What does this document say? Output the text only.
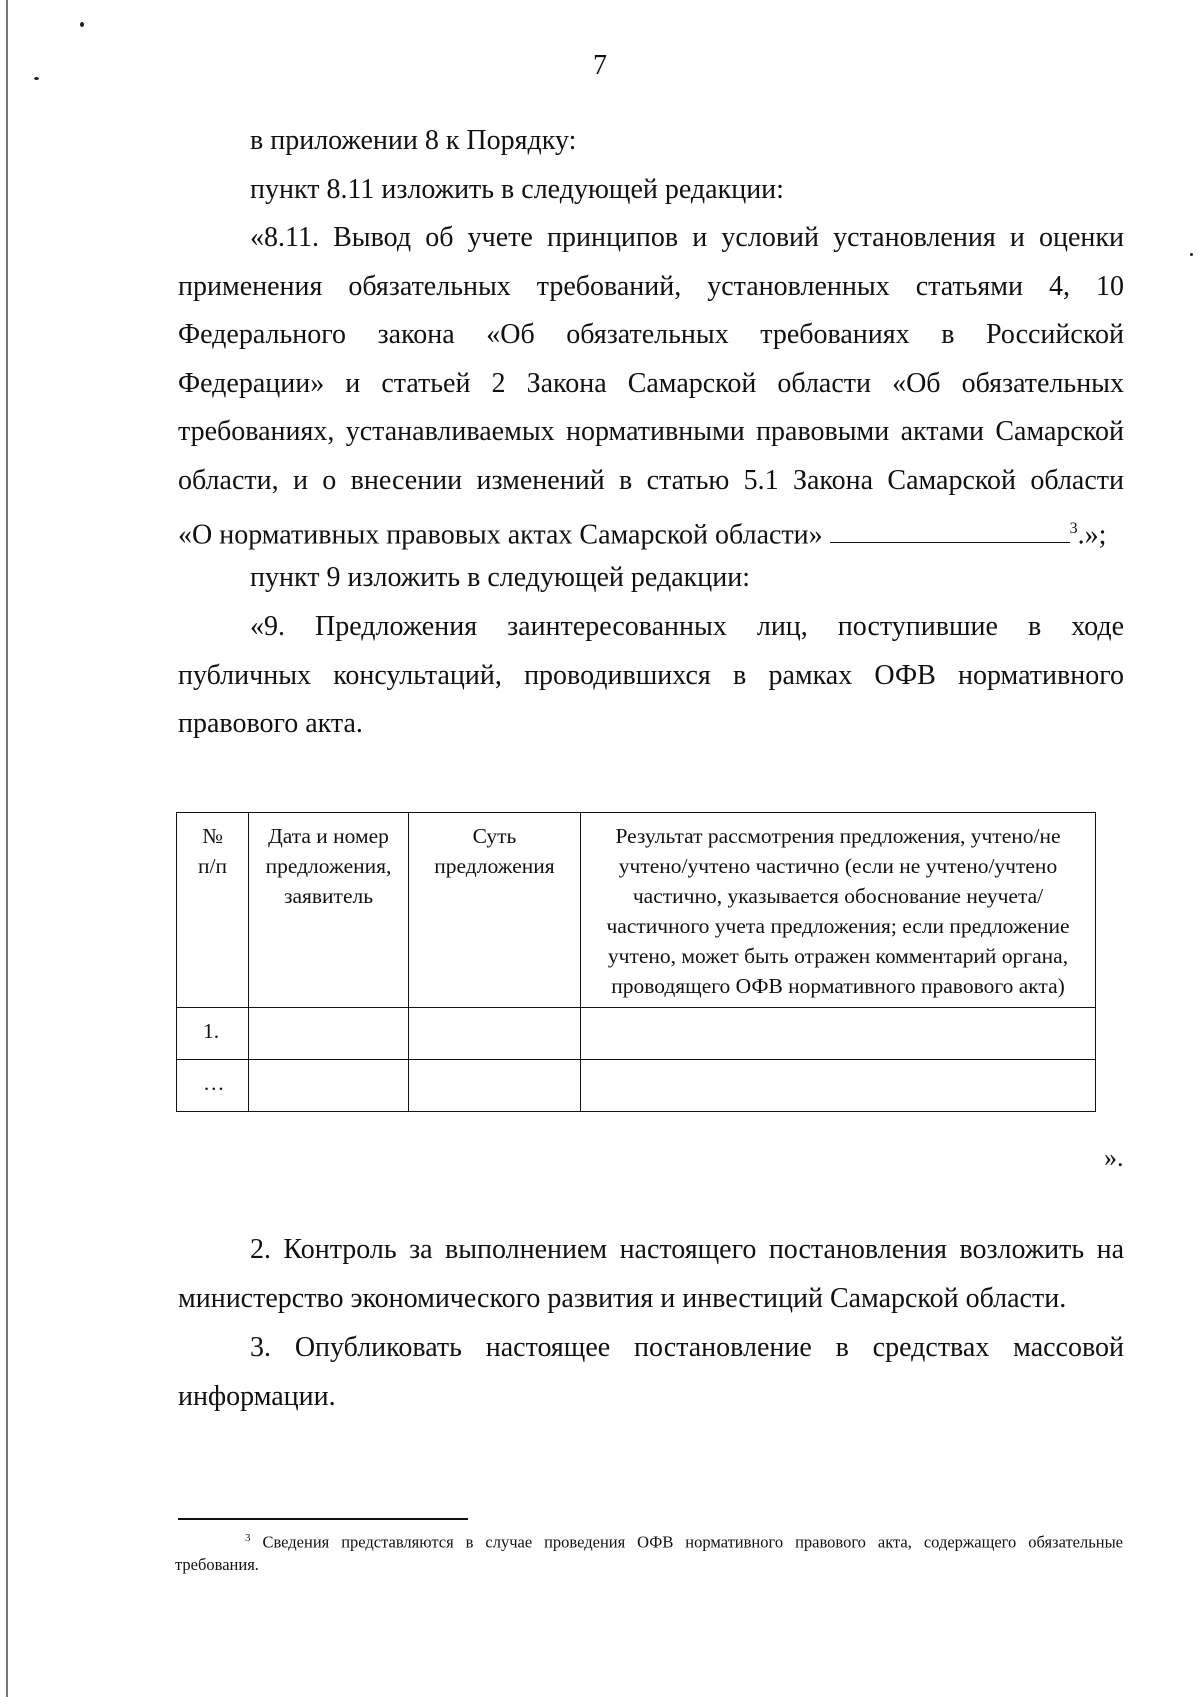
7

в приложении 8 к Порядку:

пункт 8.11 изложить в следующей редакции:

«8.11. Вывод об учете принципов и условий установления и оценки

применения обязательных требований, установленных статьями 4, 10

Федерального закона «Об обязательных требованиях в Российской

Федерации» и статьей 2 Закона Самарской области «Об обязательных

требованиях, устанавливаемых нормативными правовыми актами Самарской

области, и о внесении изменений в статью 5.1 Закона Самарской области

«О нормативных правовых актах Самарской области»	$^3$.»;

пункт 9 изложить в следующей редакции:

«9. Предложения заинтересованных лиц, поступившие в ходе

публичных консультаций, проводившихся в рамках ОФВ нормативного

правового акта.

№ п/п	Дата и номер предложения, заявитель	Суть предложения	Результат рассмотрения предложения, учтено/не учтено/учтено частично (если не учтено/учтено частично, указывается обоснование неучета/частичного учета предложения; если предложение учтено, может быть отражен комментарий органа, проводящего ОФВ нормативного правового акта)
1.			
…			
».

2. Контроль за выполнением настоящего постановления возложить на

министерство экономического развития и инвестиций Самарской области.

3. Опубликовать настоящее постановление в средствах массовой

информации.

$^3$ Сведения представляются в случае проведения ОФВ нормативного правового акта, содержащего обязательные требования.
